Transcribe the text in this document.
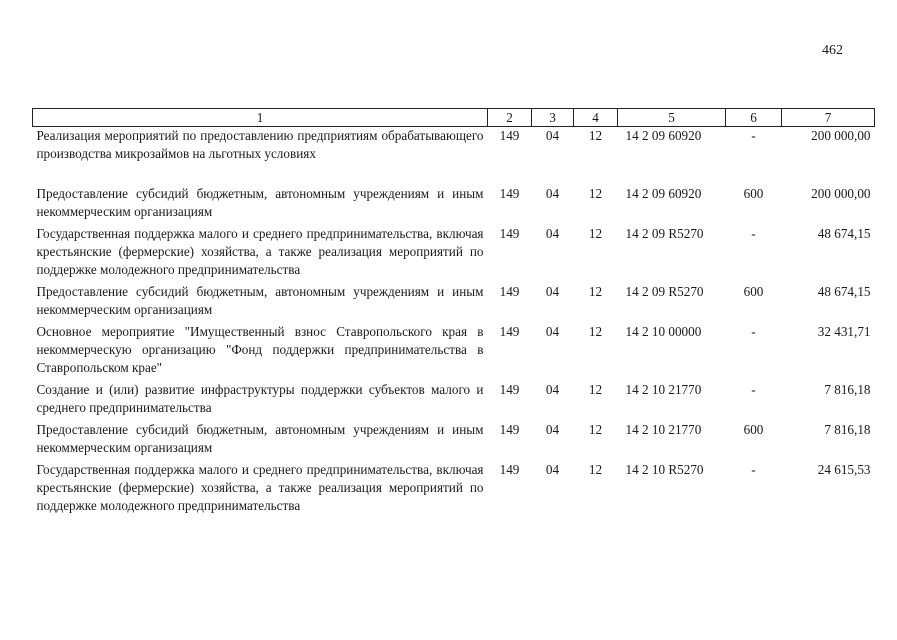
462
1	2	3	4	5	6	7
Реализация мероприятий по предоставлению предприятиям обрабатывающего производства микрозаймов на льготных условиях	149	04	12	14 2 09 60920	-	200 000,00
Предоставление субсидий бюджетным, автономным учреждениям и иным некоммерческим организациям	149	04	12	14 2 09 60920	600	200 000,00
Государственная поддержка малого и среднего предпринимательства, включая крестьянские (фермерские) хозяйства, а также реализация мероприятий по поддержке молодежного предпринимательства	149	04	12	14 2 09 R5270	-	48 674,15
Предоставление субсидий бюджетным, автономным учреждениям и иным некоммерческим организациям	149	04	12	14 2 09 R5270	600	48 674,15
Основное мероприятие "Имущественный взнос Ставропольского края в некоммерческую организацию "Фонд поддержки предпринимательства в Ставропольском крае"	149	04	12	14 2 10 00000	-	32 431,71
Создание и (или) развитие инфраструктуры поддержки субъектов малого и среднего предпринимательства	149	04	12	14 2 10 21770	-	7 816,18
Предоставление субсидий бюджетным, автономным учреждениям и иным некоммерческим организациям	149	04	12	14 2 10 21770	600	7 816,18
Государственная поддержка малого и среднего предпринимательства, включая крестьянские (фермерские) хозяйства, а также реализация мероприятий по поддержке молодежного предпринимательства	149	04	12	14 2 10 R5270	-	24 615,53
